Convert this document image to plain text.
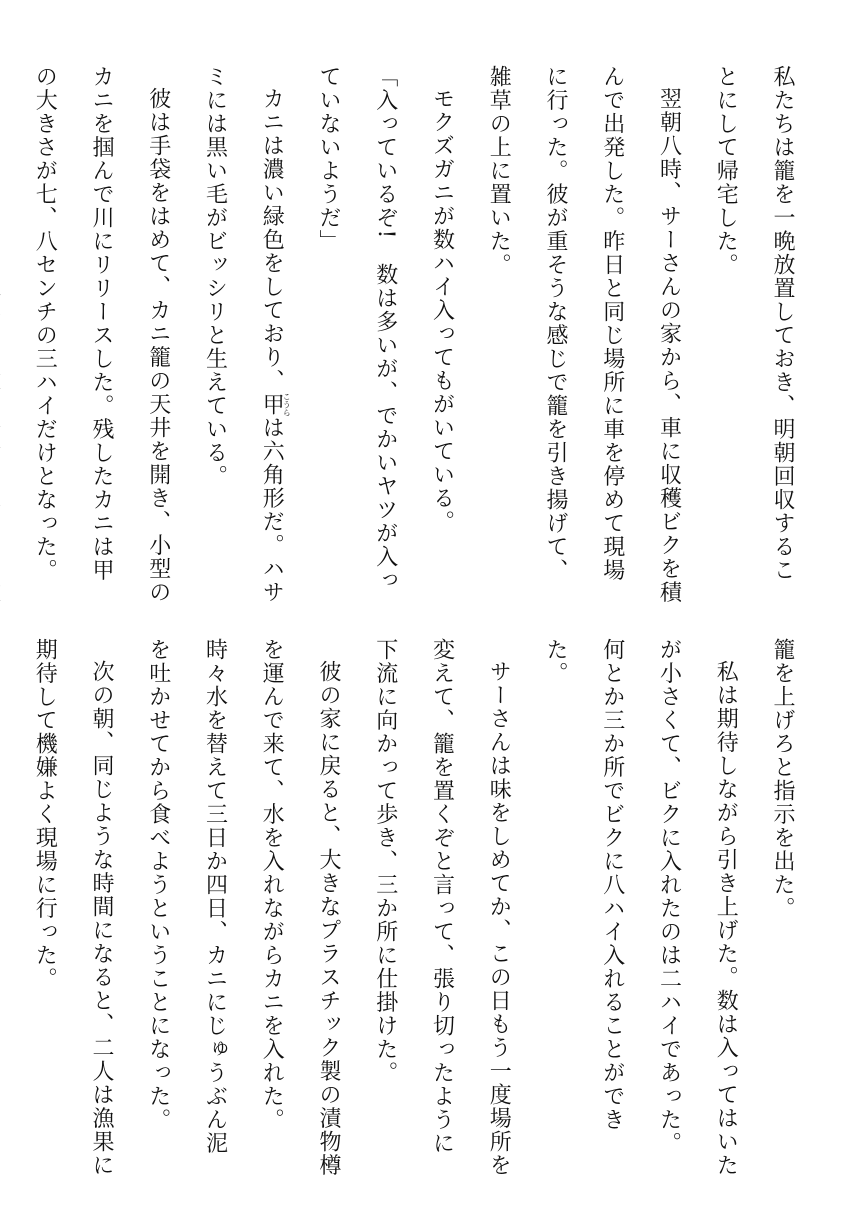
私たちは籠を一晩放置しておき、明朝回収することにして帰宅した。

翌朝八時、サーさんの家から、車に収穫ビクを積んで出発した。昨日と同じ場所に車を停めて現場に行った。彼が重そうな感じで籠を引き揚げて、雑草の上に置いた。

モクズガニが数ハイ入ってもがいている。

「入っているぞ!　数は多いが、でかいヤツが入っていないようだ」

カニは濃い緑色をしており、甲こうらは六角形だ。ハサミには黒い毛がビッシリと生えている。

彼は手袋をはめて、カニ籠の天井を開き、小型のカニを掴んで川にリリースした。残したカニは甲の大きさが七、八センチの三ハイだけとなった。

籠を上げろと指示を出た。

私は期待しながら引き上げた。数は入ってはいたが小さくて、ビクに入れたのは二ハイであった。何とか三か所でビクに八ハイ入れることができた。

サーさんは味をしめてか、この日もう一度場所を変えて、籠を置くぞと言って、張り切ったように下流に向かって歩き、三か所に仕掛けた。

彼の家に戻ると、大きなプラスチック製の漬物樽を運んで来て、水を入れながらカニを入れた。時々水を替えて三日か四日、カニにじゅうぶん泥を吐かせてから食べようということになった。

次の朝、同じような時間になると、二人は漁果に期待して機嫌よく現場に行った。
